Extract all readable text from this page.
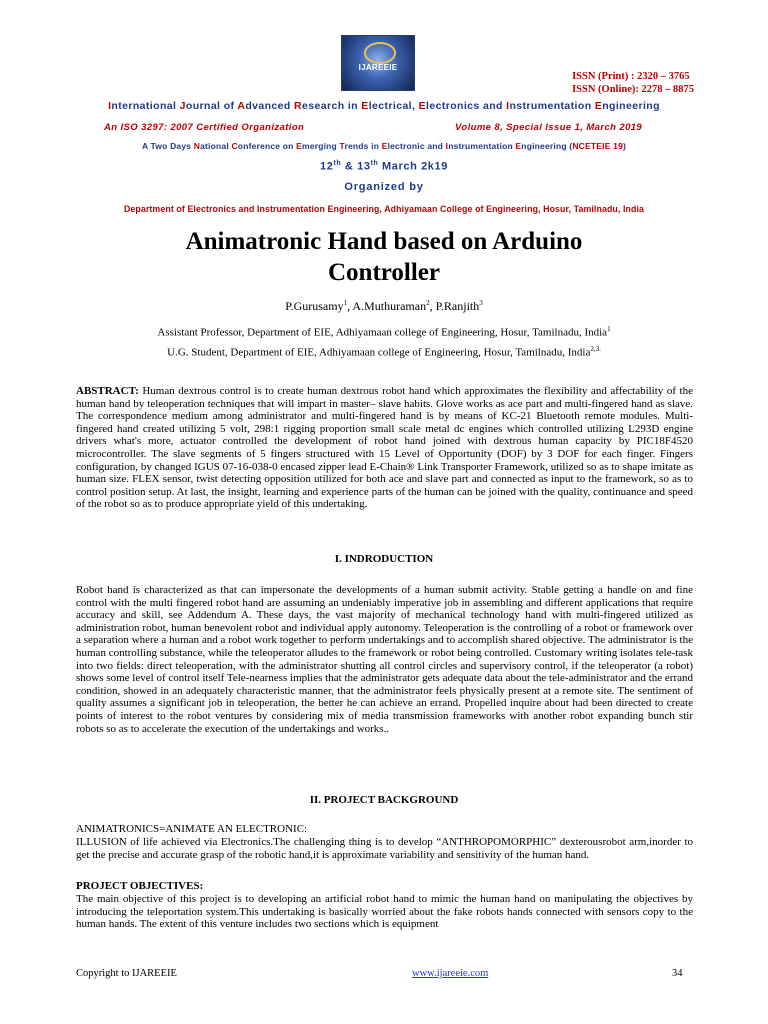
IJAREEIE
ISSN (Print) : 2320 – 3765
ISSN (Online): 2278 – 8875
International Journal of Advanced Research in Electrical, Electronics and Instrumentation Engineering
An ISO 3297: 2007 Certified Organization	Volume 8, Special Issue 1, March 2019
A Two Days National Conference on Emerging Trends in Electronic and Instrumentation Engineering (NCETEIE 19)
12th & 13th March 2k19
Organized by
Department of Electronics and Instrumentation Engineering, Adhiyamaan College of Engineering, Hosur, Tamilnadu, India
Animatronic Hand based on Arduino
Controller
P.Gurusamy$^1$, A.Muthuraman$^2$, P.Ranjith$^3$
Assistant Professor, Department of EIE, Adhiyamaan college of Engineering, Hosur, Tamilnadu, India$^1$
U.G. Student, Department of EIE, Adhiyamaan college of Engineering, Hosur, Tamilnadu, India$^{2,3.}$
ABSTRACT: Human dextrous control is to create human dextrous robot hand which approximates the flexibility and affectability of the human hand by teleoperation techniques that will impart in master– slave habits. Glove works as ace part and multi-fingered hand as slave. The correspondence medium among administrator and multi-fingered hand is by means of KC-21 Bluetooth remote modules. Multi-fingered hand created utilizing 5 volt, 298:1 rigging proportion small scale metal dc engines which controlled utilizing L293D engine drivers what's more, actuator controlled the development of robot hand joined with dextrous human capacity by PIC18F4520 microcontroller. The slave segments of 5 fingers structured with 15 Level of Opportunity (DOF) by 3 DOF for each finger. Fingers configuration, by changed IGUS 07-16-038-0 encased zipper lead E-Chain® Link Transporter Framework, utilized so as to shape imitate as human size. FLEX sensor, twist detecting opposition utilized for both ace and slave part and connected as input to the framework, so as to control position setup. At last, the insight, learning and experience parts of the human can be joined with the quality, continuance and speed of the robot so as to produce appropriate yield of this undertaking.
I. INDRODUCTION
Robot hand is characterized as that can impersonate the developments of a human submit activity. Stable getting a handle on and fine control with the multi fingered robot hand are assuming an undeniably imperative job in assembling and different applications that require accuracy and skill, see Addendum A. These days, the vast majority of mechanical technology hand with multi-fingered utilized as administration robot, human benevolent robot and individual apply autonomy. Teleoperation is the controlling of a robot or framework over a separation where a human and a robot work together to perform undertakings and to accomplish shared objective. The administrator is the human controlling substance, while the teleoperator alludes to the framework or robot being controlled. Customary writing isolates tele-task into two fields: direct teleoperation, with the administrator shutting all control circles and supervisory control, if the teleoperator (a robot) shows some level of control itself Tele-nearness implies that the administrator gets adequate data about the tele-administrator and the errand condition, showed in an adequately characteristic manner, that the administrator feels physically present at a remote site. The sentiment of quality assumes a significant job in teleoperation, the better he can achieve an errand. Propelled inquire about had been directed to create points of interest to the robot ventures by considering mix of media transmission frameworks with another robot expanding bunch stir robots so as to accelerate the execution of the undertakings and works..
II. PROJECT BACKGROUND
ANIMATRONICS=ANIMATE AN ELECTRONIC:
ILLUSION of life achieved via Electronics.The challenging thing is to develop “ANTHROPOMORPHIC” dexterousrobot arm,inorder to get the precise and accurate grasp of the robotic hand,it is approximate variability and sensitivity of the human hand.
PROJECT OBJECTIVES:
The main objective of this project is to developing an artificial robot hand to mimic the human hand on manipulating the objectives by introducing the teleportation system.This undertaking is basically worried about the fake robots hands connected with sensors copy to the human hands. The extent of this venture includes two sections which is equipment
Copyright to IJAREEIE	www.ijareeie.com	34
